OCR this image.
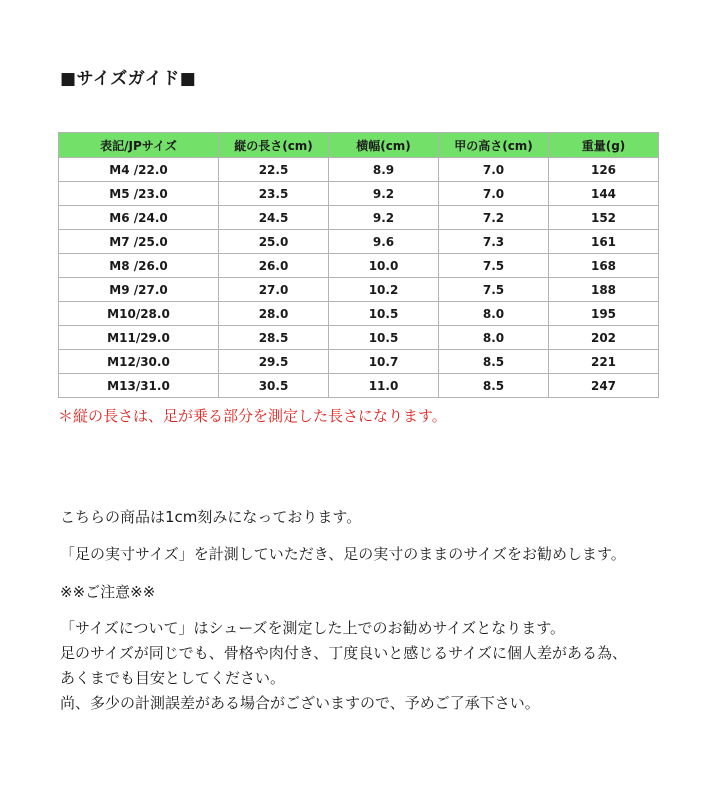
■サイズガイド■
表記/JPサイズ	縦の長さ(cm)	横幅(cm)	甲の高さ(cm)	重量(g)
M4 /22.0	22.5	8.9	7.0	126
M5 /23.0	23.5	9.2	7.0	144
M6 /24.0	24.5	9.2	7.2	152
M7 /25.0	25.0	9.6	7.3	161
M8 /26.0	26.0	10.0	7.5	168
M9 /27.0	27.0	10.2	7.5	188
M10/28.0	28.0	10.5	8.0	195
M11/29.0	28.5	10.5	8.0	202
M12/30.0	29.5	10.7	8.5	221
M13/31.0	30.5	11.0	8.5	247
＊縦の長さは、足が乗る部分を測定した長さになります。
こちらの商品は1cm刻みになっております。
「足の実寸サイズ」を計測していただき、足の実寸のままのサイズをお勧めします。
※※ご注意※※
「サイズについて」はシューズを測定した上でのお勧めサイズとなります。
足のサイズが同じでも、骨格や肉付き、丁度良いと感じるサイズに個人差がある為、
あくまでも目安としてください。
尚、多少の計測誤差がある場合がございますので、予めご了承下さい。
